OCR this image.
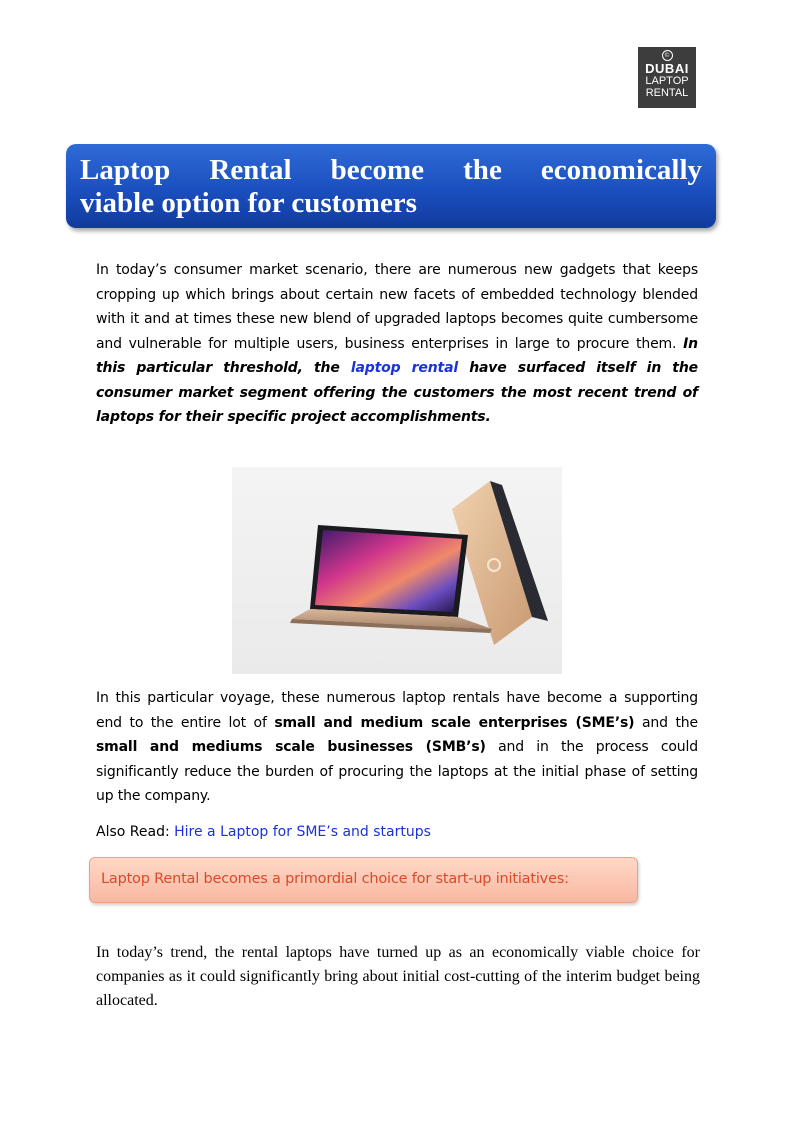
©
DUBAI
LAPTOP
RENTAL
Laptop Rental become the economically
viable option for customers

In today’s consumer market scenario, there are numerous new gadgets that keeps cropping up which brings about certain new facets of embedded technology blended with it and at times these new blend of upgraded laptops becomes quite cumbersome and vulnerable for multiple users, business enterprises in large to procure them. In this particular threshold, the laptop rental have surfaced itself in the consumer market segment offering the customers the most recent trend of laptops for their specific project accomplishments.

In this particular voyage, these numerous laptop rentals have become a supporting end to the entire lot of small and medium scale enterprises (SME’s) and the small and mediums scale businesses (SMB’s) and in the process could significantly reduce the burden of procuring the laptops at the initial phase of setting up the company.

Also Read: Hire a Laptop for SME’s and startups
Laptop Rental becomes a primordial choice for start-up initiatives:

In today’s trend, the rental laptops have turned up as an economically viable choice for companies as it could significantly bring about initial cost-cutting of the interim budget being allocated.
